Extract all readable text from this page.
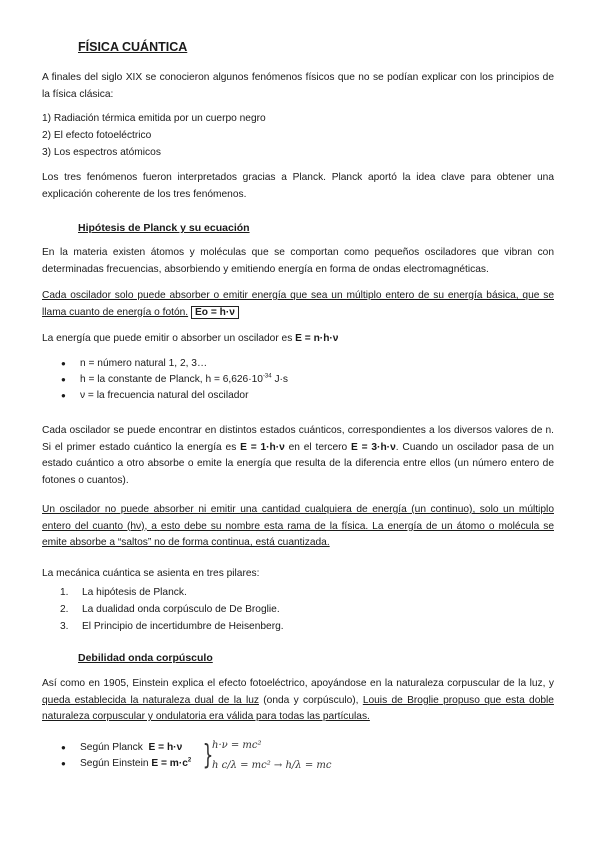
FÍSICA CUÁNTICA
A finales del siglo XIX se conocieron algunos fenómenos físicos que no se podían explicar con los principios de la física clásica:
1) Radiación térmica emitida por un cuerpo negro
2) El efecto fotoeléctrico
3) Los espectros atómicos
Los tres fenómenos fueron interpretados gracias a Planck. Planck aportó la idea clave para obtener una explicación coherente de los tres fenómenos.
Hipótesis de Planck y su ecuación
En la materia existen átomos y moléculas que se comportan como pequeños osciladores que vibran con determinadas frecuencias, absorbiendo y emitiendo energía en forma de ondas electromagnéticas.
Cada oscilador solo puede absorber o emitir energía que sea un múltiplo entero de su energía básica, que se llama cuanto de energía o fotón. Eo = h·ν
La energía que puede emitir o absorber un oscilador es E = n·h·ν
● n = número natural 1, 2, 3…
● h = la constante de Planck, $h = 6,626\cdot 10^{-34}$ J·s
● ν = la frecuencia natural del oscilador
Cada oscilador se puede encontrar en distintos estados cuánticos, correspondientes a los diversos valores de n. Si el primer estado cuántico la energía es E = 1·h·ν en el tercero E = 3·h·ν. Cuando un oscilador pasa de un estado cuántico a otro absorbe o emite la energía que resulta de la diferencia entre ellos (un número entero de fotones o cuantos).
Un oscilador no puede absorber ni emitir una cantidad cualquiera de energía (un continuo), solo un múltiplo entero del cuanto (hν), a esto debe su nombre esta rama de la física. La energía de un átomo o molécula se emite absorbe a “saltos” no de forma continua, está cuantizada.
La mecánica cuántica se asienta en tres pilares:
1.	La hipótesis de Planck.
2.	La dualidad onda corpúsculo de De Broglie.
3.	El Principio de incertidumbre de Heisenberg.
Debilidad onda corpúsculo
Así como en 1905, Einstein explica el efecto fotoeléctrico, apoyándose en la naturaleza corpuscular de la luz, y queda establecida la naturaleza dual de la luz (onda y corpúsculo), Louis de Broglie propuso que esta doble naturaleza corpuscular y ondulatoria era válida para todas las partículas.
● Según Planck E = h·ν
● Según Einstein $E = m\cdot c^2$ }
h·ν = mc²
h c/λ = mc² → h/λ = mc
